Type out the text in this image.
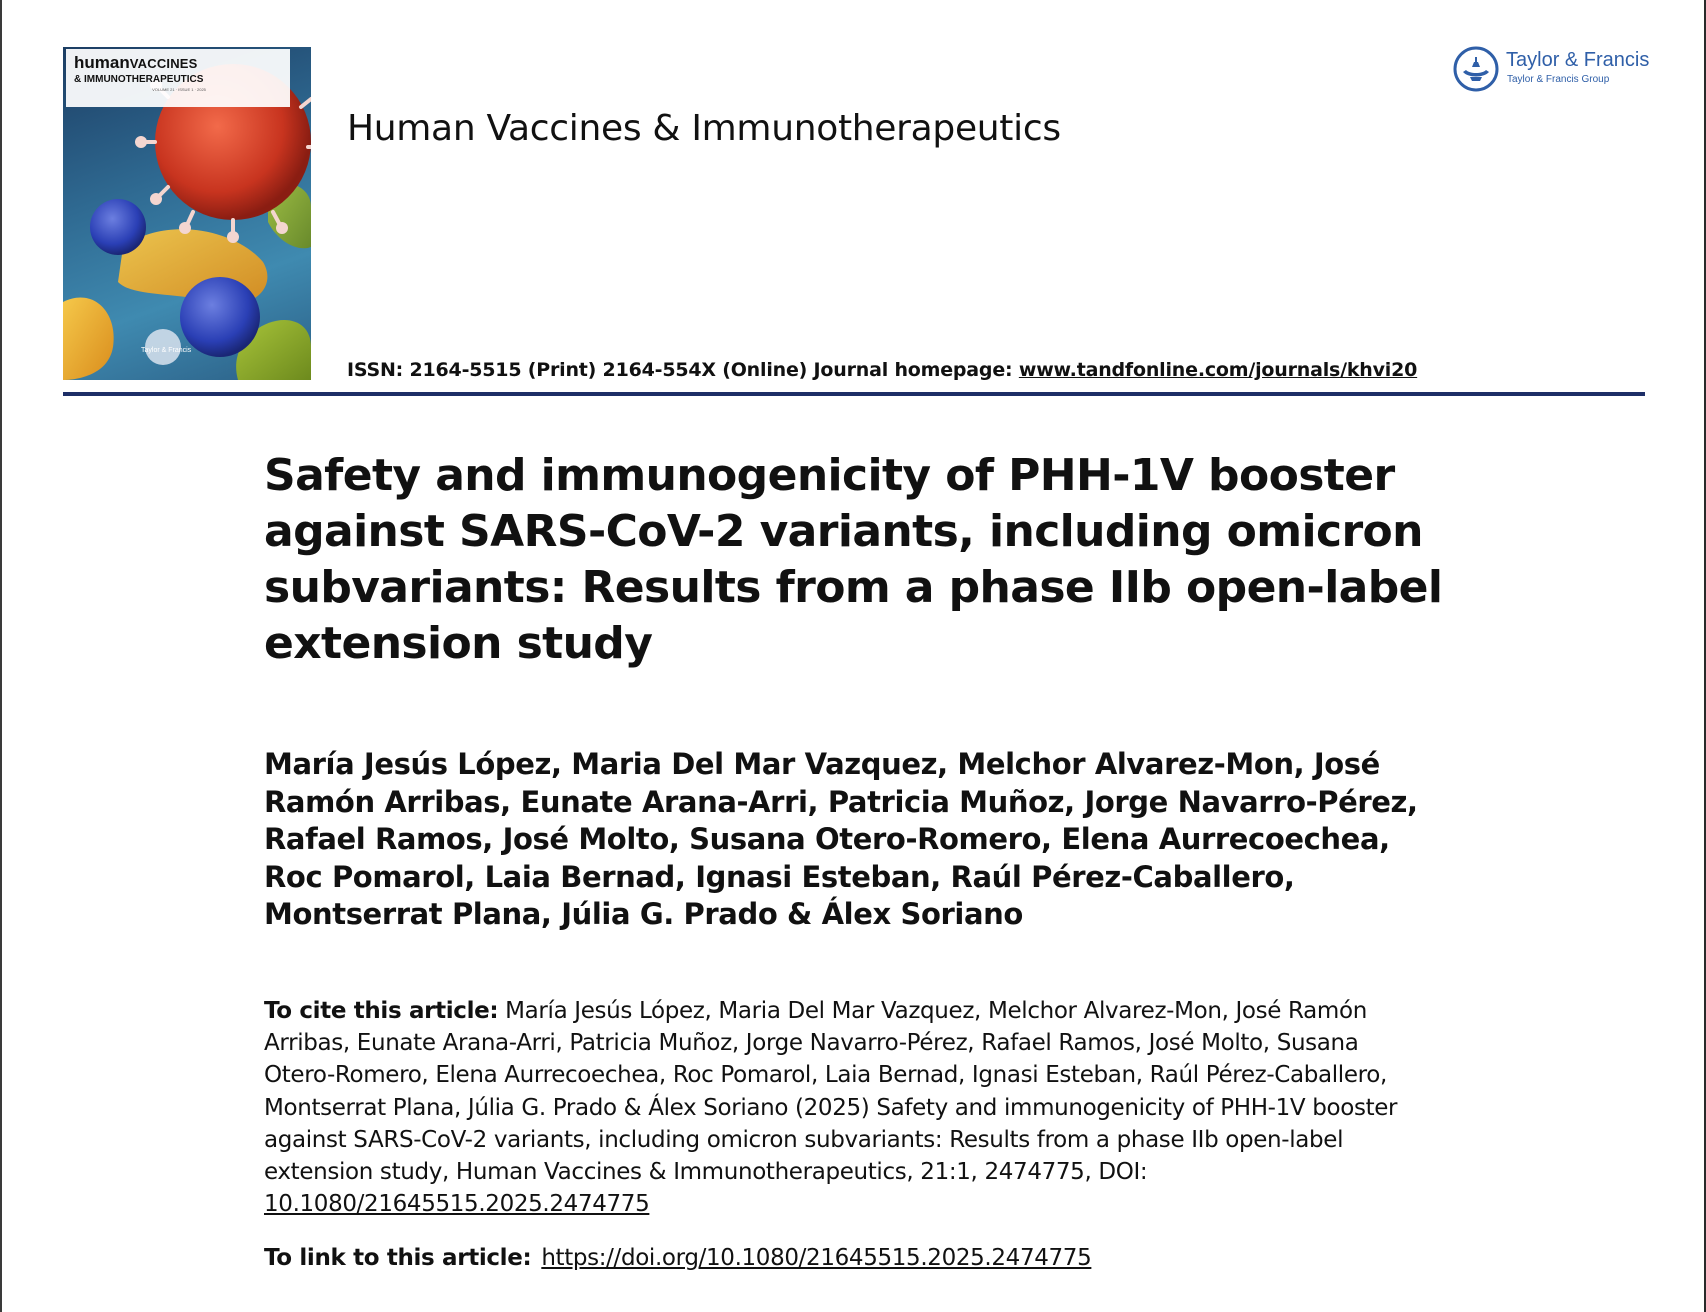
humanVACCINES
& IMMUNOTHERAPEUTICS
VOLUME 21 · ISSUE 1 · 2025
Taylor & Francis
Human Vaccines & Immunotherapeutics
Taylor & Francis
Taylor & Francis Group
ISSN: 2164-5515 (Print) 2164-554X (Online) Journal homepage: www.tandfonline.com/journals/khvi20
Safety and immunogenicity of PHH-1V booster against SARS-CoV-2 variants, including omicron subvariants: Results from a phase IIb open-label extension study
María Jesús López, Maria Del Mar Vazquez, Melchor Alvarez-Mon, José Ramón Arribas, Eunate Arana-Arri, Patricia Muñoz, Jorge Navarro-Pérez, Rafael Ramos, José Molto, Susana Otero-Romero, Elena Aurrecoechea, Roc Pomarol, Laia Bernad, Ignasi Esteban, Raúl Pérez-Caballero, Montserrat Plana, Júlia G. Prado & Álex Soriano
To cite this article: María Jesús López, Maria Del Mar Vazquez, Melchor Alvarez-Mon, José Ramón Arribas, Eunate Arana-Arri, Patricia Muñoz, Jorge Navarro-Pérez, Rafael Ramos, José Molto, Susana Otero-Romero, Elena Aurrecoechea, Roc Pomarol, Laia Bernad, Ignasi Esteban, Raúl Pérez-Caballero, Montserrat Plana, Júlia G. Prado & Álex Soriano (2025) Safety and immunogenicity of PHH-1V booster against SARS-CoV-2 variants, including omicron subvariants: Results from a phase IIb open-label extension study, Human Vaccines & Immunotherapeutics, 21:1, 2474775, DOI: 10.1080/21645515.2025.2474775
To link to this article: https://doi.org/10.1080/21645515.2025.2474775
